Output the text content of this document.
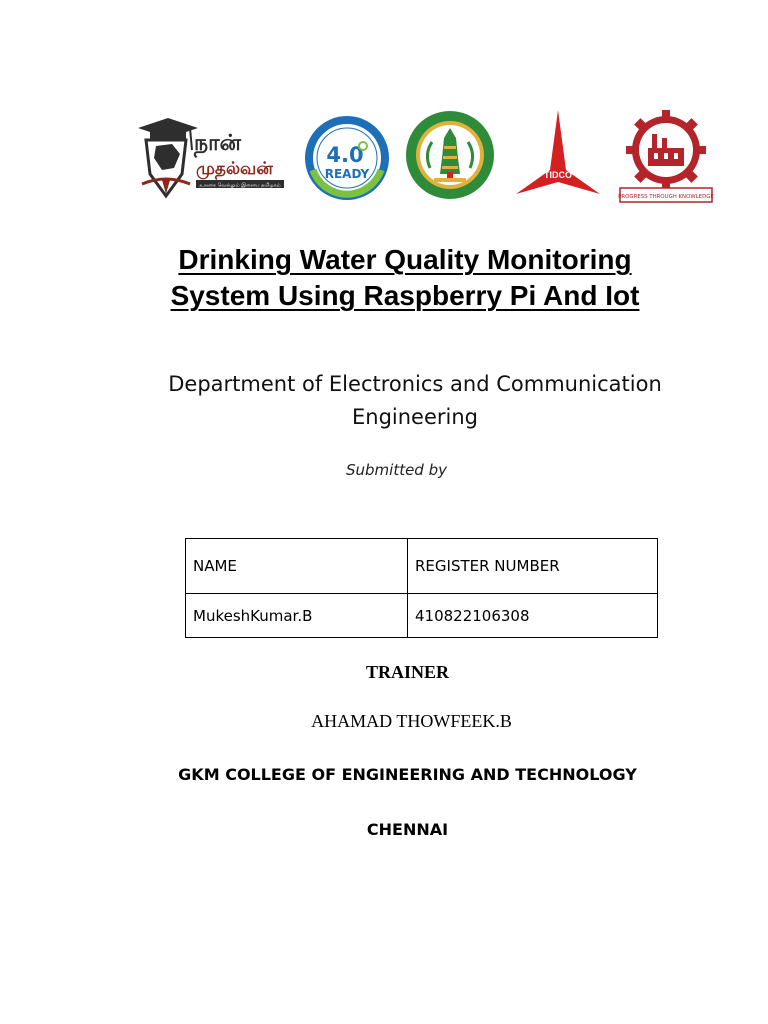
நான்
முதல்வன்
உலகை வெல்லும் இளைய தமிழகம்
4.0
READY	TIDCO
PROGRESS THROUGH KNOWLEDGE
Drinking Water Quality Monitoring
System Using Raspberry Pi And Iot
Department of Electronics and Communication
Engineering
Submitted by
NAME	REGISTER NUMBER
MukeshKumar.B	410822106308
TRAINER
AHAMAD THOWFEEK.B
GKM COLLEGE OF ENGINEERING AND TECHNOLOGY
CHENNAI
